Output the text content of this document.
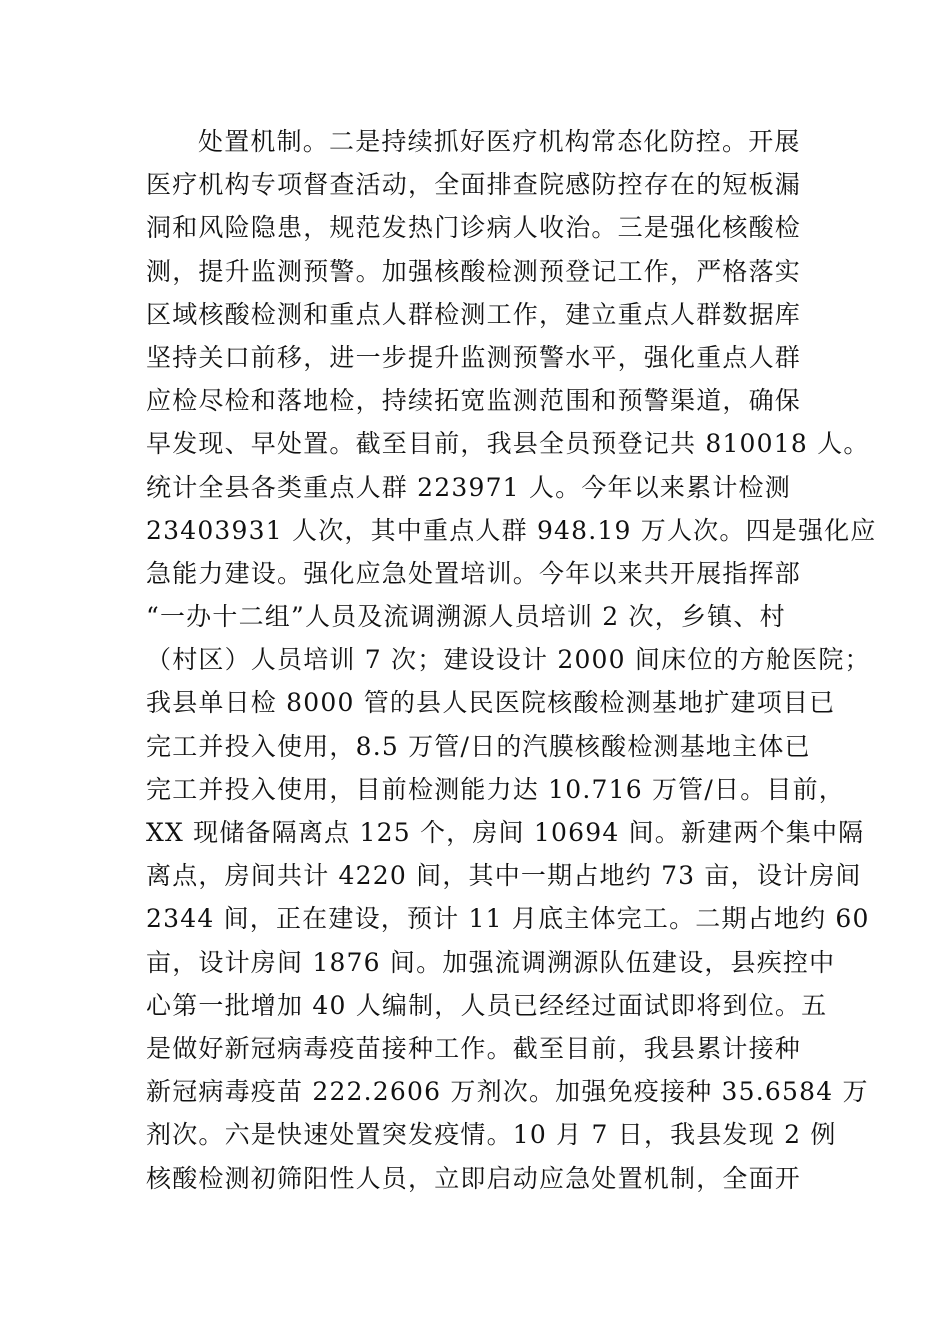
处置机制。二是持续抓好医疗机构常态化防控。开展
医疗机构专项督查活动，全面排查院感防控存在的短板漏
洞和风险隐患，规范发热门诊病人收治。三是强化核酸检
测，提升监测预警。加强核酸检测预登记工作，严格落实
区域核酸检测和重点人群检测工作，建立重点人群数据库
坚持关口前移，进一步提升监测预警水平，强化重点人群
应检尽检和落地检，持续拓宽监测范围和预警渠道，确保
早发现、早处置。截至目前，我县全员预登记共 810018 人。
统计全县各类重点人群 223971 人。今年以来累计检测
23403931 人次，其中重点人群 948.19 万人次。四是强化应
急能力建设。强化应急处置培训。今年以来共开展指挥部
“一办十二组”人员及流调溯源人员培训 2 次，乡镇、村
（村区）人员培训 7 次；建设设计 2000 间床位的方舱医院；
我县单日检 8000 管的县人民医院核酸检测基地扩建项目已
完工并投入使用，8.5 万管/日的汽膜核酸检测基地主体已
完工并投入使用，目前检测能力达 10.716 万管/日。目前，
XX 现储备隔离点 125 个，房间 10694 间。新建两个集中隔
离点，房间共计 4220 间，其中一期占地约 73 亩，设计房间
2344 间，正在建设，预计 11 月底主体完工。二期占地约 60
亩，设计房间 1876 间。加强流调溯源队伍建设，县疾控中
心第一批增加 40 人编制，人员已经经过面试即将到位。五
是做好新冠病毒疫苗接种工作。截至目前，我县累计接种
新冠病毒疫苗 222.2606 万剂次。加强免疫接种 35.6584 万
剂次。六是快速处置突发疫情。10 月 7 日，我县发现 2 例
核酸检测初筛阳性人员，立即启动应急处置机制，全面开
